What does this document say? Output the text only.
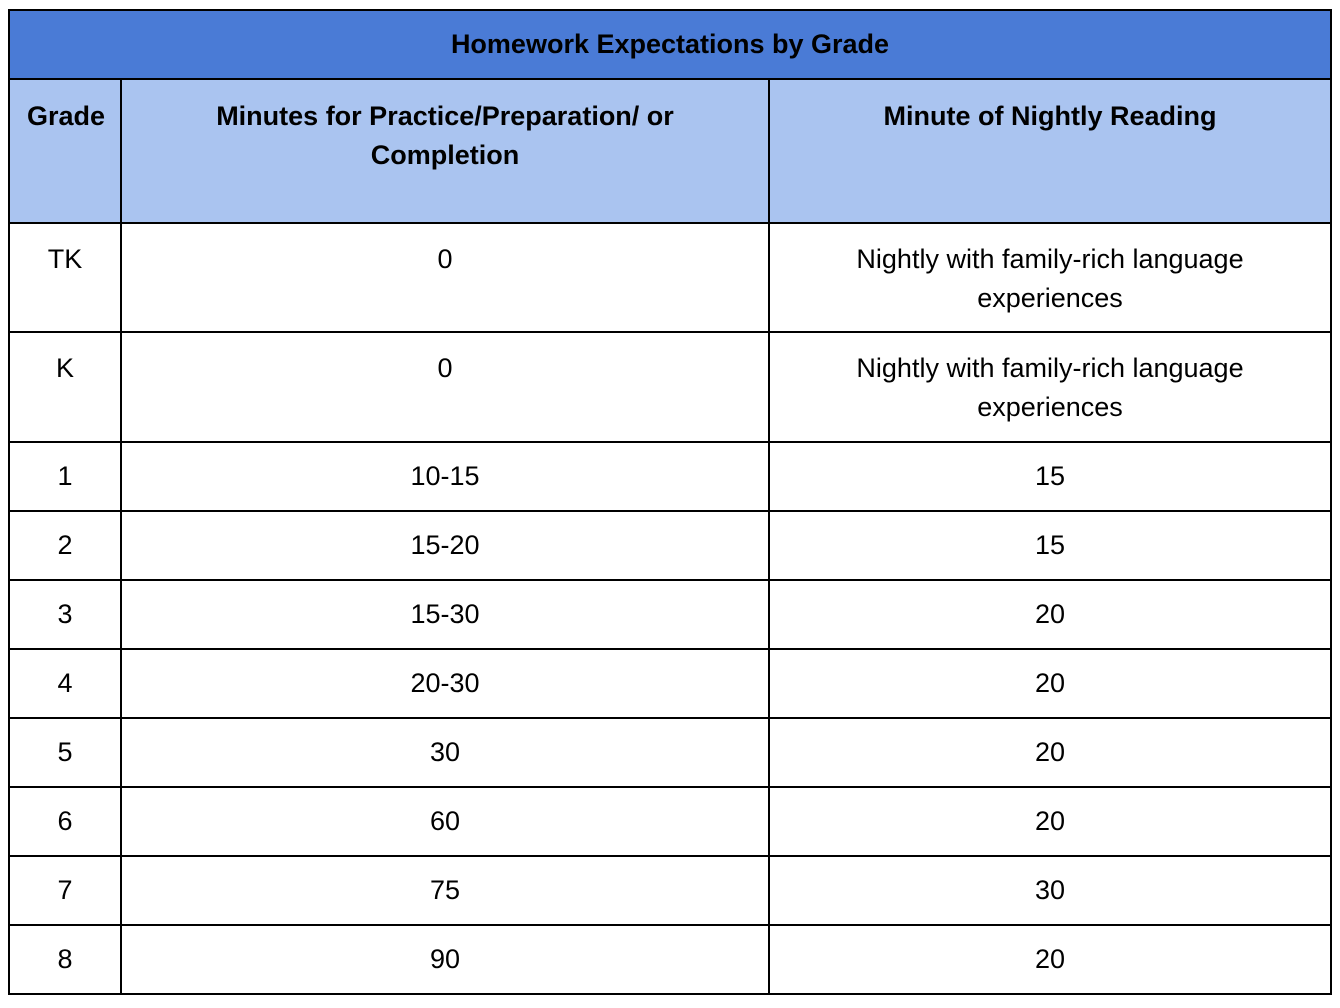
Homework Expectations by Grade		
Grade	Minutes for Practice/Preparation/ or Completion	Minute of Nightly Reading
TK	0	Nightly with family-rich language experiences
K	0	Nightly with family-rich language experiences
1	10-15	15
2	15-20	15
3	15-30	20
4	20-30	20
5	30	20
6	60	20
7	75	30
8	90	20
